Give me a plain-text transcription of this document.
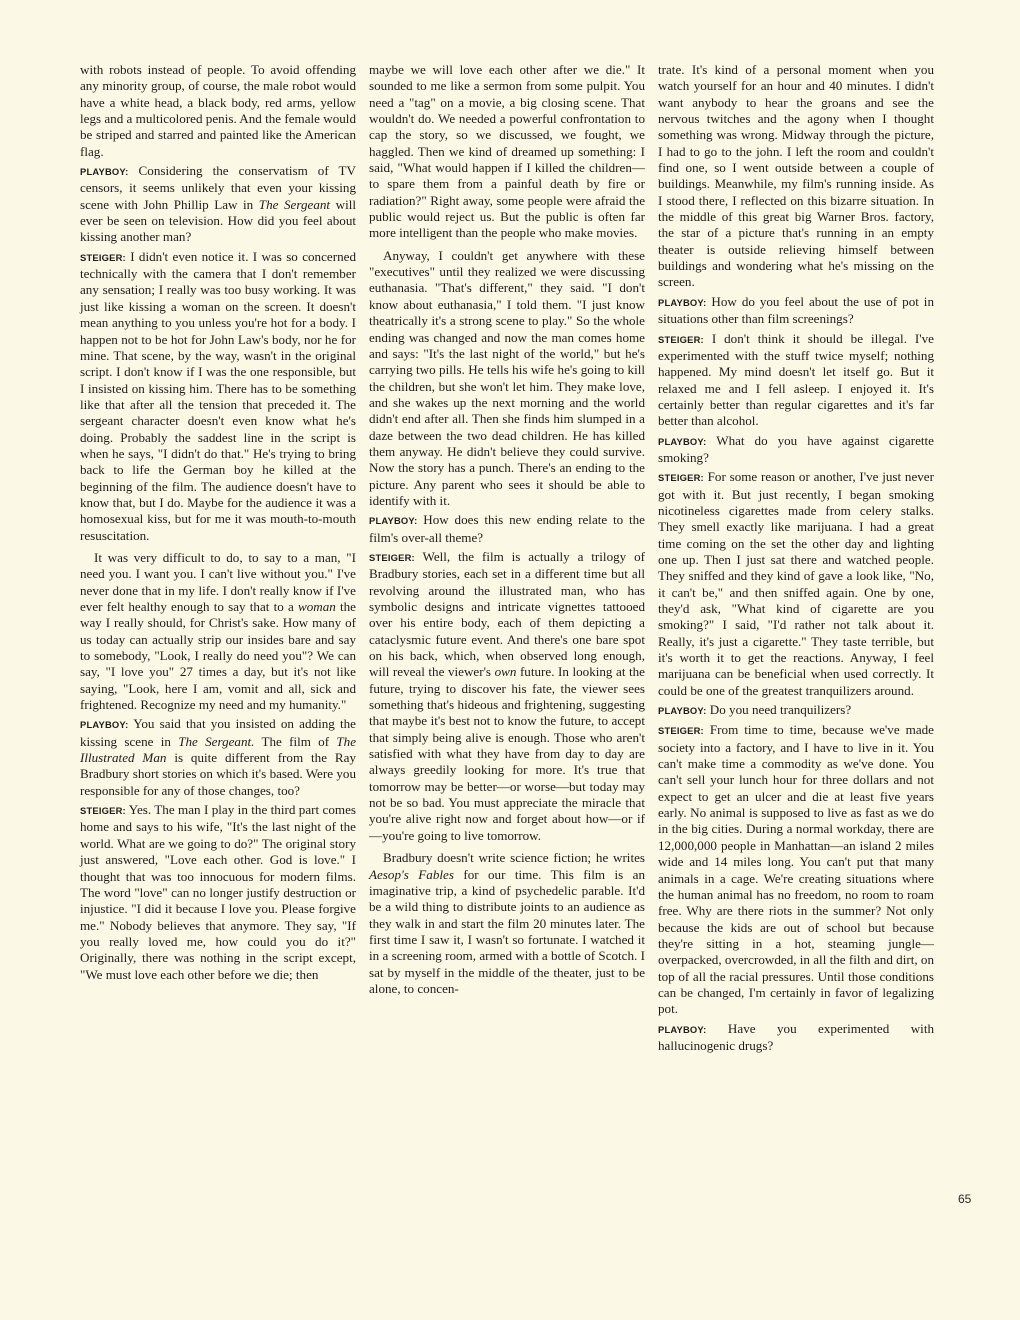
with robots instead of people. To avoid offending any minority group, of course, the male robot would have a white head, a black body, red arms, yellow legs and a multicolored penis. And the female would be striped and starred and painted like the American flag.

PLAYBOY: Considering the conservatism of TV censors, it seems unlikely that even your kissing scene with John Phillip Law in The Sergeant will ever be seen on television. How did you feel about kissing another man?

STEIGER: I didn't even notice it. I was so concerned technically with the camera that I don't remember any sensation; I really was too busy working. It was just like kissing a woman on the screen. It doesn't mean anything to you unless you're hot for a body. I happen not to be hot for John Law's body, nor he for mine. That scene, by the way, wasn't in the original script. I don't know if I was the one responsible, but I insisted on kissing him. There has to be something like that after all the tension that preceded it. The sergeant character doesn't even know what he's doing. Probably the saddest line in the script is when he says, "I didn't do that." He's trying to bring back to life the German boy he killed at the beginning of the film. The audience doesn't have to know that, but I do. Maybe for the audience it was a homosexual kiss, but for me it was mouth-to-mouth resuscitation.

It was very difficult to do, to say to a man, "I need you. I want you. I can't live without you." I've never done that in my life. I don't really know if I've ever felt healthy enough to say that to a woman the way I really should, for Christ's sake. How many of us today can actually strip our insides bare and say to somebody, "Look, I really do need you"? We can say, "I love you" 27 times a day, but it's not like saying, "Look, here I am, vomit and all, sick and frightened. Recognize my need and my humanity."

PLAYBOY: You said that you insisted on adding the kissing scene in The Sergeant. The film of The Illustrated Man is quite different from the Ray Bradbury short stories on which it's based. Were you responsible for any of those changes, too?

STEIGER: Yes. The man I play in the third part comes home and says to his wife, "It's the last night of the world. What are we going to do?" The original story just answered, "Love each other. God is love." I thought that was too innocuous for modern films. The word "love" can no longer justify destruction or injustice. "I did it because I love you. Please forgive me." Nobody believes that anymore. They say, "If you really loved me, how could you do it?" Originally, there was nothing in the script except, "We must love each other before we die; then

maybe we will love each other after we die." It sounded to me like a sermon from some pulpit. You need a "tag" on a movie, a big closing scene. That wouldn't do. We needed a powerful confrontation to cap the story, so we discussed, we fought, we haggled. Then we kind of dreamed up something: I said, "What would happen if I killed the children—to spare them from a painful death by fire or radiation?" Right away, some people were afraid the public would reject us. But the public is often far more intelligent than the people who make movies.

Anyway, I couldn't get anywhere with these "executives" until they realized we were discussing euthanasia. "That's different," they said. "I don't know about euthanasia," I told them. "I just know theatrically it's a strong scene to play." So the whole ending was changed and now the man comes home and says: "It's the last night of the world," but he's carrying two pills. He tells his wife he's going to kill the children, but she won't let him. They make love, and she wakes up the next morning and the world didn't end after all. Then she finds him slumped in a daze between the two dead children. He has killed them anyway. He didn't believe they could survive. Now the story has a punch. There's an ending to the picture. Any parent who sees it should be able to identify with it.

PLAYBOY: How does this new ending relate to the film's over-all theme?

STEIGER: Well, the film is actually a trilogy of Bradbury stories, each set in a different time but all revolving around the illustrated man, who has symbolic designs and intricate vignettes tattooed over his entire body, each of them depicting a cataclysmic future event. And there's one bare spot on his back, which, when observed long enough, will reveal the viewer's own future. In looking at the future, trying to discover his fate, the viewer sees something that's hideous and frightening, suggesting that maybe it's best not to know the future, to accept that simply being alive is enough. Those who aren't satisfied with what they have from day to day are always greedily looking for more. It's true that tomorrow may be better—or worse—but today may not be so bad. You must appreciate the miracle that you're alive right now and forget about how—or if—you're going to live tomorrow.

Bradbury doesn't write science fiction; he writes Aesop's Fables for our time. This film is an imaginative trip, a kind of psychedelic parable. It'd be a wild thing to distribute joints to an audience as they walk in and start the film 20 minutes later. The first time I saw it, I wasn't so fortunate. I watched it in a screening room, armed with a bottle of Scotch. I sat by myself in the middle of the theater, just to be alone, to concen-

trate. It's kind of a personal moment when you watch yourself for an hour and 40 minutes. I didn't want anybody to hear the groans and see the nervous twitches and the agony when I thought something was wrong. Midway through the picture, I had to go to the john. I left the room and couldn't find one, so I went outside between a couple of buildings. Meanwhile, my film's running inside. As I stood there, I reflected on this bizarre situation. In the middle of this great big Warner Bros. factory, the star of a picture that's running in an empty theater is outside relieving himself between buildings and wondering what he's missing on the screen.

PLAYBOY: How do you feel about the use of pot in situations other than film screenings?

STEIGER: I don't think it should be illegal. I've experimented with the stuff twice myself; nothing happened. My mind doesn't let itself go. But it relaxed me and I fell asleep. I enjoyed it. It's certainly better than regular cigarettes and it's far better than alcohol.

PLAYBOY: What do you have against cigarette smoking?

STEIGER: For some reason or another, I've just never got with it. But just recently, I began smoking nicotineless cigarettes made from celery stalks. They smell exactly like marijuana. I had a great time coming on the set the other day and lighting one up. Then I just sat there and watched people. They sniffed and they kind of gave a look like, "No, it can't be," and then sniffed again. One by one, they'd ask, "What kind of cigarette are you smoking?" I said, "I'd rather not talk about it. Really, it's just a cigarette." They taste terrible, but it's worth it to get the reactions. Anyway, I feel marijuana can be beneficial when used correctly. It could be one of the greatest tranquilizers around.

PLAYBOY: Do you need tranquilizers?

STEIGER: From time to time, because we've made society into a factory, and I have to live in it. You can't make time a commodity as we've done. You can't sell your lunch hour for three dollars and not expect to get an ulcer and die at least five years early. No animal is supposed to live as fast as we do in the big cities. During a normal workday, there are 12,000,000 people in Manhattan—an island 2 miles wide and 14 miles long. You can't put that many animals in a cage. We're creating situations where the human animal has no freedom, no room to roam free. Why are there riots in the summer? Not only because the kids are out of school but because they're sitting in a hot, steaming jungle—overpacked, overcrowded, in all the filth and dirt, on top of all the racial pressures. Until those conditions can be changed, I'm certainly in favor of legalizing pot.

PLAYBOY: Have you experimented with hallucinogenic drugs?

65
